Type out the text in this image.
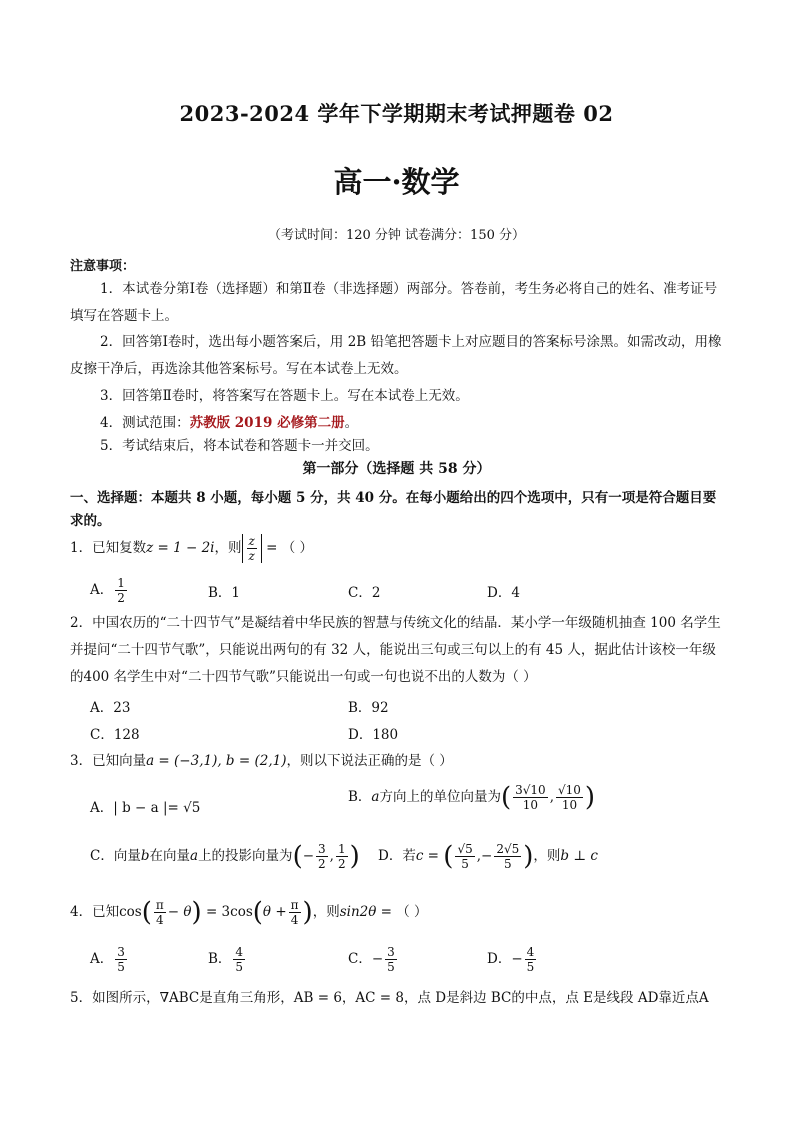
2023-2024 学年下学期期末考试押题卷 02
高一·数学
（考试时间：120 分钟 试卷满分：150 分）
注意事项：
1．本试卷分第Ⅰ卷（选择题）和第Ⅱ卷（非选择题）两部分。答卷前，考生务必将自己的姓名、准考证号填写在答题卡上。
2．回答第Ⅰ卷时，选出每小题答案后，用 2B 铅笔把答题卡上对应题目的答案标号涂黑。如需改动，用橡皮擦干净后，再选涂其他答案标号。写在本试卷上无效。
3．回答第Ⅱ卷时，将答案写在答题卡上。写在本试卷上无效。
4．测试范围：苏教版 2019 必修第二册。
5．考试结束后，将本试卷和答题卡一并交回。
第一部分（选择题 共 58 分）
一、选择题：本题共 8 小题，每小题 5 分，共 40 分。在每小题给出的四个选项中，只有一项是符合题目要求的。
1．已知复数z = 1 − 2i，则 $\frac{z}{z}$ = （ ）
A． $\frac{1}{2}$	B．1	C．2	D．4
2．中国农历的“二十四节气”是凝结着中华民族的智慧与传统文化的结晶．某小学一年级随机抽查 100 名学生并提问“二十四节气歌”，只能说出两句的有 32 人，能说出三句或三句以上的有 45 人，据此估计该校一年级的400 名学生中对“二十四节气歌”只能说出一句或一句也说不出的人数为（ ）
A．23	B．92
C．128	D．180
3．已知向量a = (−3,1), b = (2,1)，则以下说法正确的是（ ）
A．| b − a |= √5
B．a方向上的单位向量为( $\frac{3√10}{10}$ , $\frac{√10}{10}$ )
C．向量b在向量a上的投影向量为(− $\frac{3}{2}$ , $\frac{1}{2}$ ) D．若c = ( $\frac{√5}{5}$ ,− $\frac{2√5}{5}$ )，则b ⊥ c
4．已知$\cos( \frac{\pi}{4} - \theta) = 3\cos(\theta + \frac{\pi}{4}$ )，则sin2θ = （ ）
A． $\frac{3}{5}$	B． $\frac{4}{5}$	C．− $\frac{3}{5}$	D．− $\frac{4}{5}$
5．如图所示，∇ABC是直角三角形，AB = 6，AC = 8，点 D是斜边 BC的中点，点 E是线段 AD靠近点A
